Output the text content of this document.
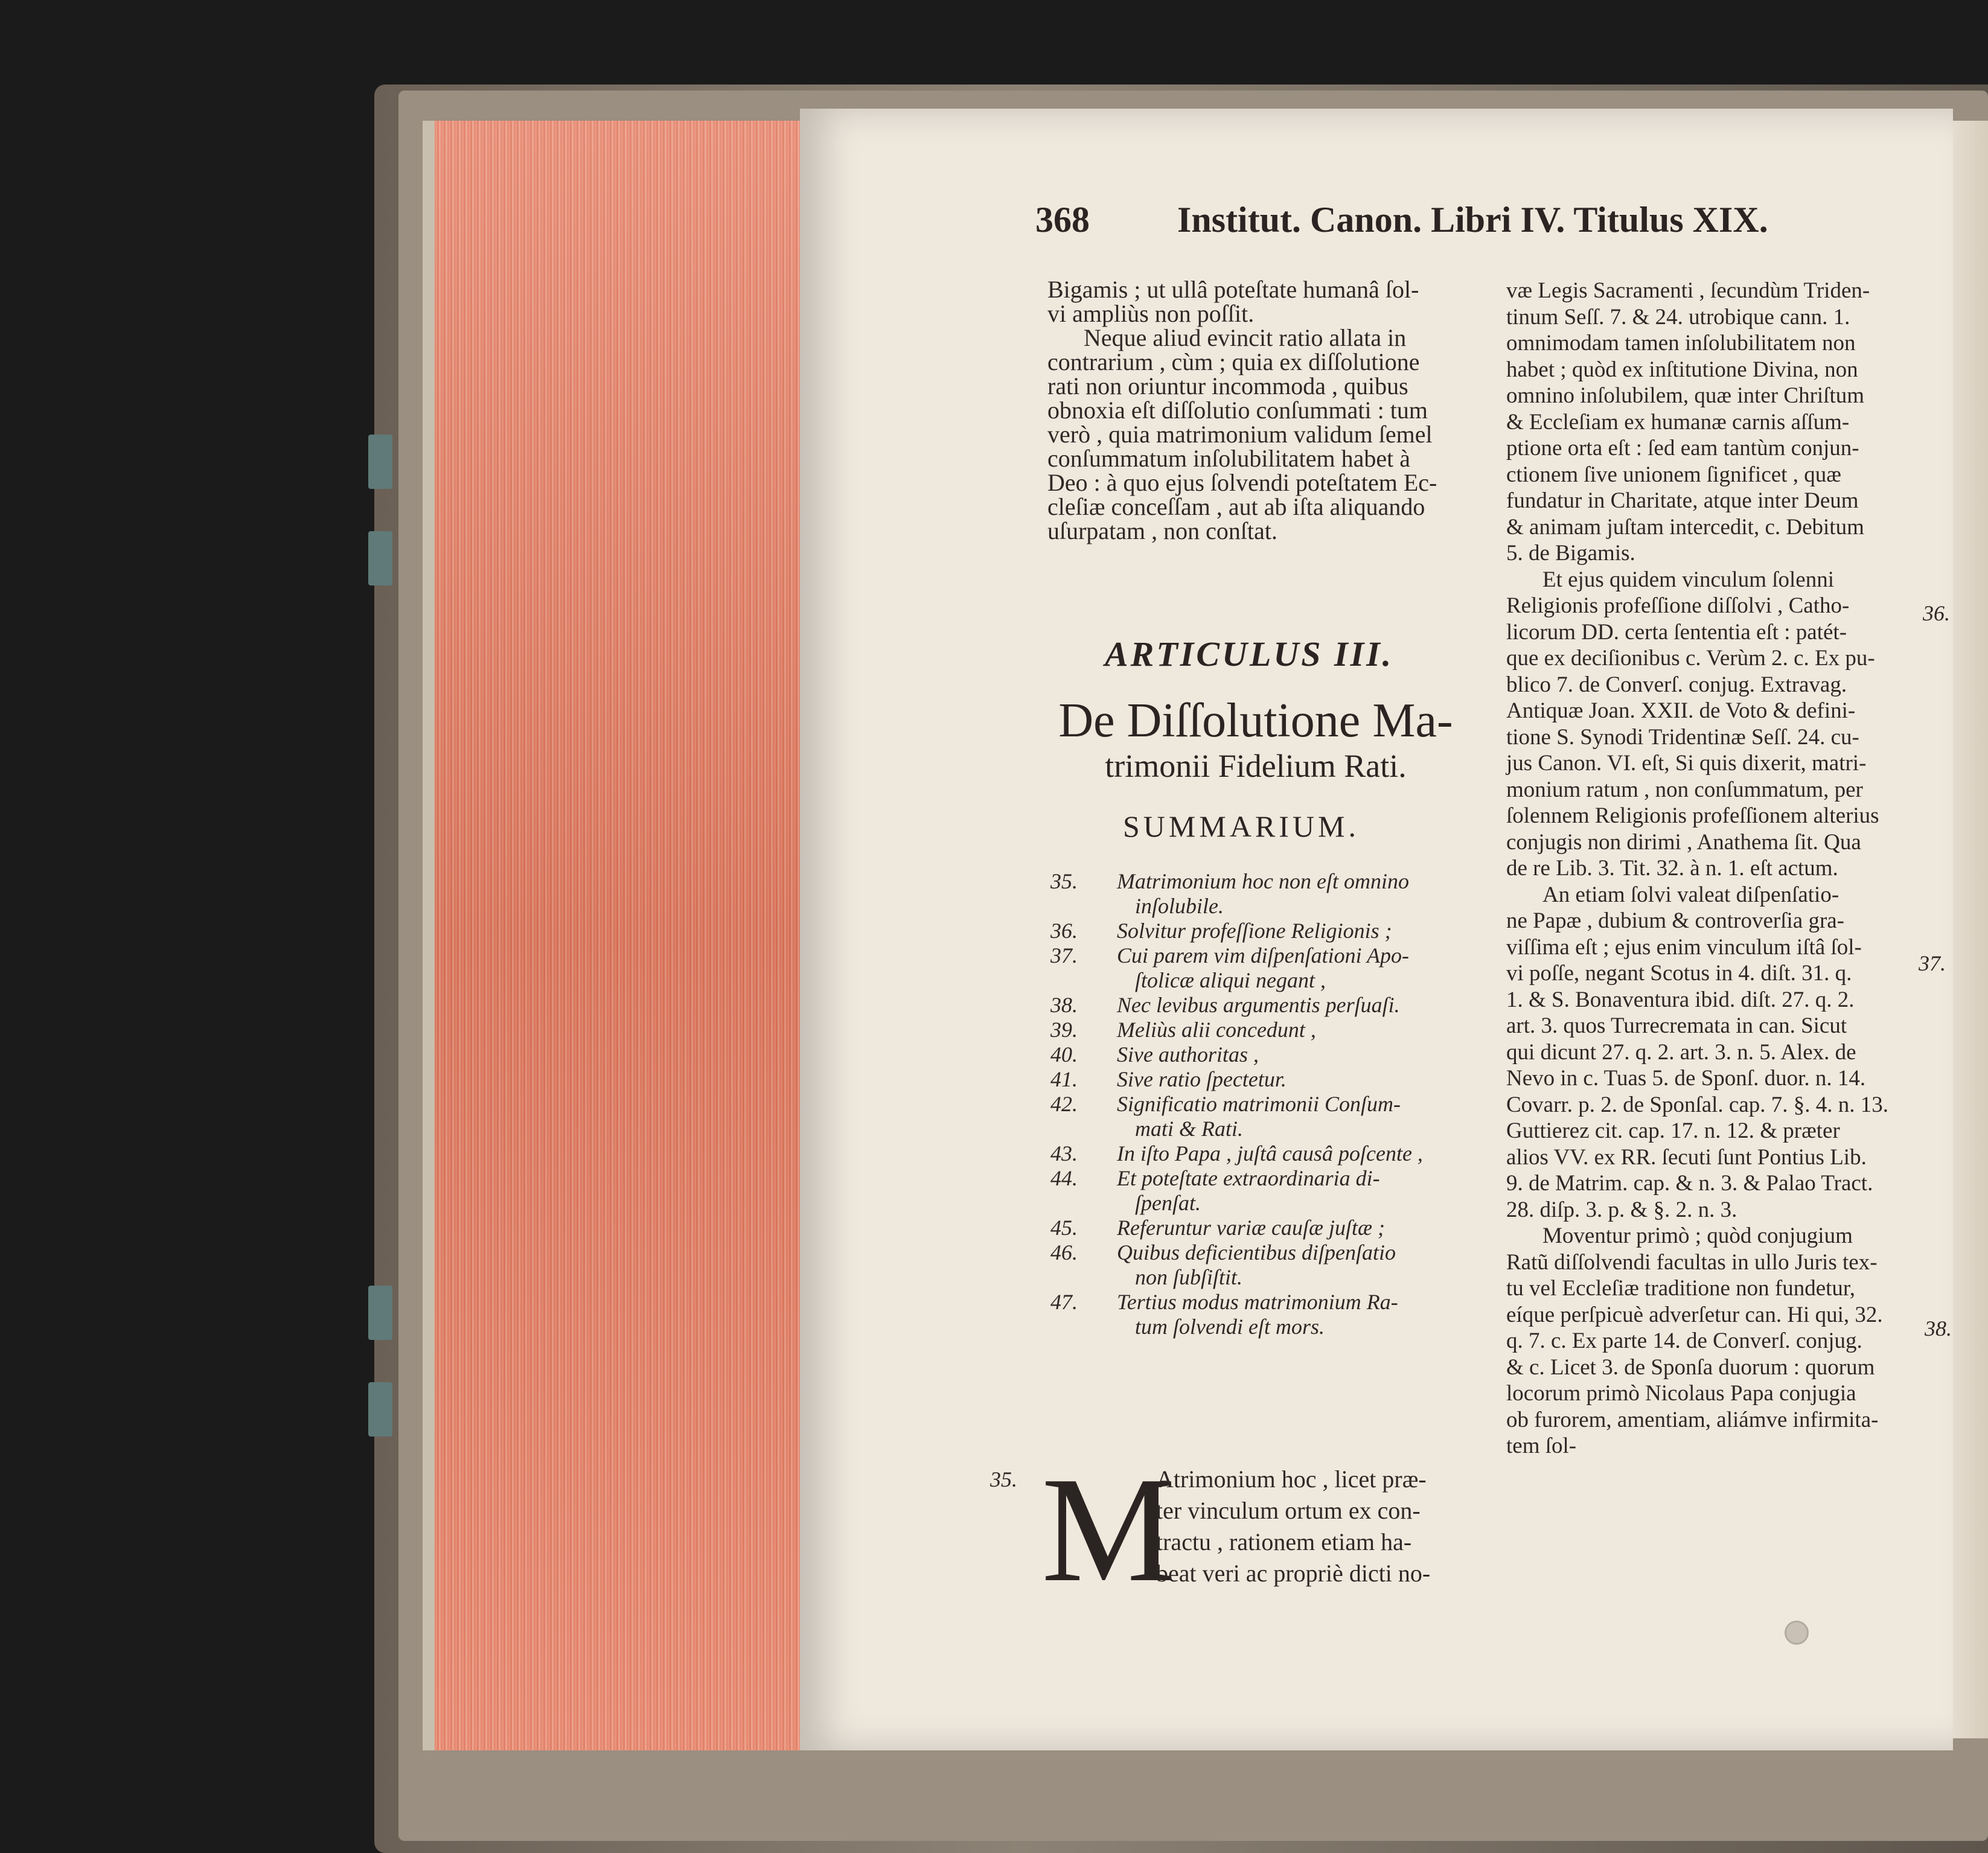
368 Institut. Canon. Libri IV. Titulus XIX.
Bigamis ; ut ullâ poteſtate humanâ ſol-
vi ampliùs non poſſit.
Neque aliud evincit ratio allata in
contrarium , cùm ; quia ex diſſolutione
rati non oriuntur incommoda , quibus
obnoxia eſt diſſolutio conſummati : tum
verò , quia matrimonium validum ſemel
conſummatum inſolubilitatem habet à
Deo : à quo ejus ſolvendi poteſtatem Ec-
cleſiæ conceſſam , aut ab iſta aliquando
uſurpatam , non conſtat.
ARTICULUS III.
De Diſſolutione Ma-
trimonii Fidelium Rati.
SUMMARIUM.
35.	Matrimonium hoc non eſt omnino
inſolubile.
36.	Solvitur profeſſione Religionis ;
37.	Cui parem vim diſpenſationi Apo-
ſtolicæ aliqui negant ,
38.	Nec levibus argumentis perſuaſi.
39.	Meliùs alii concedunt ,
40.	Sive authoritas ,
41.	Sive ratio ſpectetur.
42.	Significatio matrimonii Conſum-
mati & Rati.
43.	In iſto Papa , juſtâ causâ poſcente ,
44.	Et poteſtate extraordinaria di-
ſpenſat.
45.	Referuntur variæ cauſæ juſtæ ;
46.	Quibus deficientibus diſpenſatio
non ſubſiſtit.
47.	Tertius modus matrimonium Ra-
tum ſolvendi eſt mors.
35. M
Atrimonium hoc , licet præ-
ter vinculum ortum ex con-
tractu , rationem etiam ha-
beat veri ac propriè dicti no-
væ Legis Sacramenti , ſecundùm Triden-
tinum Seſſ. 7. & 24. utrobique cann. 1.
omnimodam tamen inſolubilitatem non
habet ; quòd ex inſtitutione Divina, non
omnino inſolubilem, quæ inter Chriſtum
& Eccleſiam ex humanæ carnis aſſum-
ptione orta eſt : ſed eam tantùm conjun-
ctionem ſive unionem ſignificet , quæ
fundatur in Charitate, atque inter Deum
& animam juſtam intercedit, c. Debitum
5. de Bigamis.
Et ejus quidem vinculum ſolenni
Religionis profeſſione diſſolvi , Catho-
licorum DD. certa ſententia eſt : patét-
que ex deciſionibus c. Verùm 2. c. Ex pu-
blico 7. de Converſ. conjug. Extravag.
Antiquæ Joan. XXII. de Voto & defini-
tione S. Synodi Tridentinæ Seſſ. 24. cu-
jus Canon. VI. eſt, Si quis dixerit, matri-
monium ratum , non conſummatum, per
ſolennem Religionis profeſſionem alterius
conjugis non dirimi , Anathema ſit. Qua
de re Lib. 3. Tit. 32. à n. 1. eſt actum.
An etiam ſolvi valeat diſpenſatio-
ne Papæ , dubium & controverſia gra-
viſſima eſt ; ejus enim vinculum iſtâ ſol-
vi poſſe, negant Scotus in 4. diſt. 31. q.
1. & S. Bonaventura ibid. diſt. 27. q. 2.
art. 3. quos Turrecremata in can. Sicut
qui dicunt 27. q. 2. art. 3. n. 5. Alex. de
Nevo in c. Tuas 5. de Sponſ. duor. n. 14.
Covarr. p. 2. de Sponſal. cap. 7. §. 4. n. 13.
Guttierez cit. cap. 17. n. 12. & præter
alios VV. ex RR. ſecuti ſunt Pontius Lib.
9. de Matrim. cap. & n. 3. & Palao Tract.
28. diſp. 3. p. & §. 2. n. 3.
Moventur primò ; quòd conjugium
Ratũ diſſolvendi facultas in ullo Juris tex-
tu vel Eccleſiæ traditione non fundetur,
eíque perſpicuè adverſetur can. Hi qui, 32.
q. 7. c. Ex parte 14. de Converſ. conjug.
& c. Licet 3. de Sponſa duorum : quorum
locorum primò Nicolaus Papa conjugia
ob furorem, amentiam, aliámve infirmita-
tem ſol-
36.
37.
38.
